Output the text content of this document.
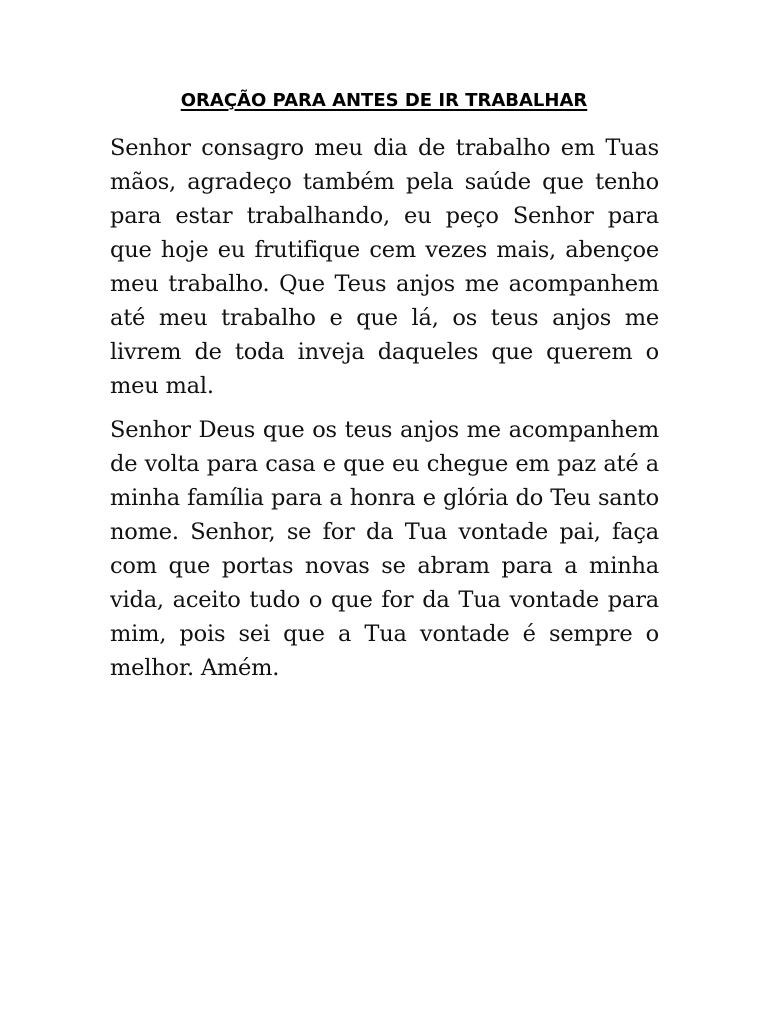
ORAÇÃO PARA ANTES DE IR TRABALHAR

Senhor consagro meu dia de trabalho em Tuas mãos, agradeço também pela saúde que tenho para estar trabalhando, eu peço Senhor para que hoje eu frutifique cem vezes mais, abençoe meu trabalho. Que Teus anjos me acompanhem até meu trabalho e que lá, os teus anjos me livrem de toda inveja daqueles que querem o meu mal.

Senhor Deus que os teus anjos me acompanhem de volta para casa e que eu chegue em paz até a minha família para a honra e glória do Teu santo nome. Senhor, se for da Tua vontade pai, faça com que portas novas se abram para a minha vida, aceito tudo o que for da Tua vontade para mim, pois sei que a Tua vontade é sempre o melhor. Amém.
